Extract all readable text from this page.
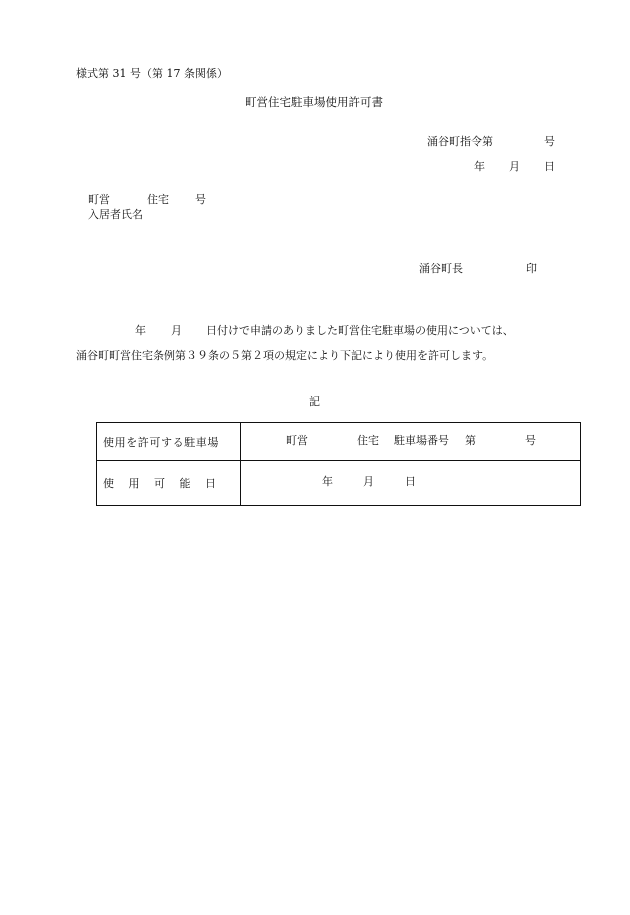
様式第 31 号（第 17 条関係）
町営住宅駐車場使用許可書
涌谷町指令第	号
年 月 日
町営	住宅 号
入居者氏名
涌谷町長	印
年 月 日付けで申請のありました町営住宅駐車場の使用については、
涌谷町町営住宅条例第３９条の５第２項の規定により下記により使用を許可します。
記
使用を許可する駐車場	町営 住宅 駐車場番号 第 号

使　 用　 可　 能　 日	年 月 日
